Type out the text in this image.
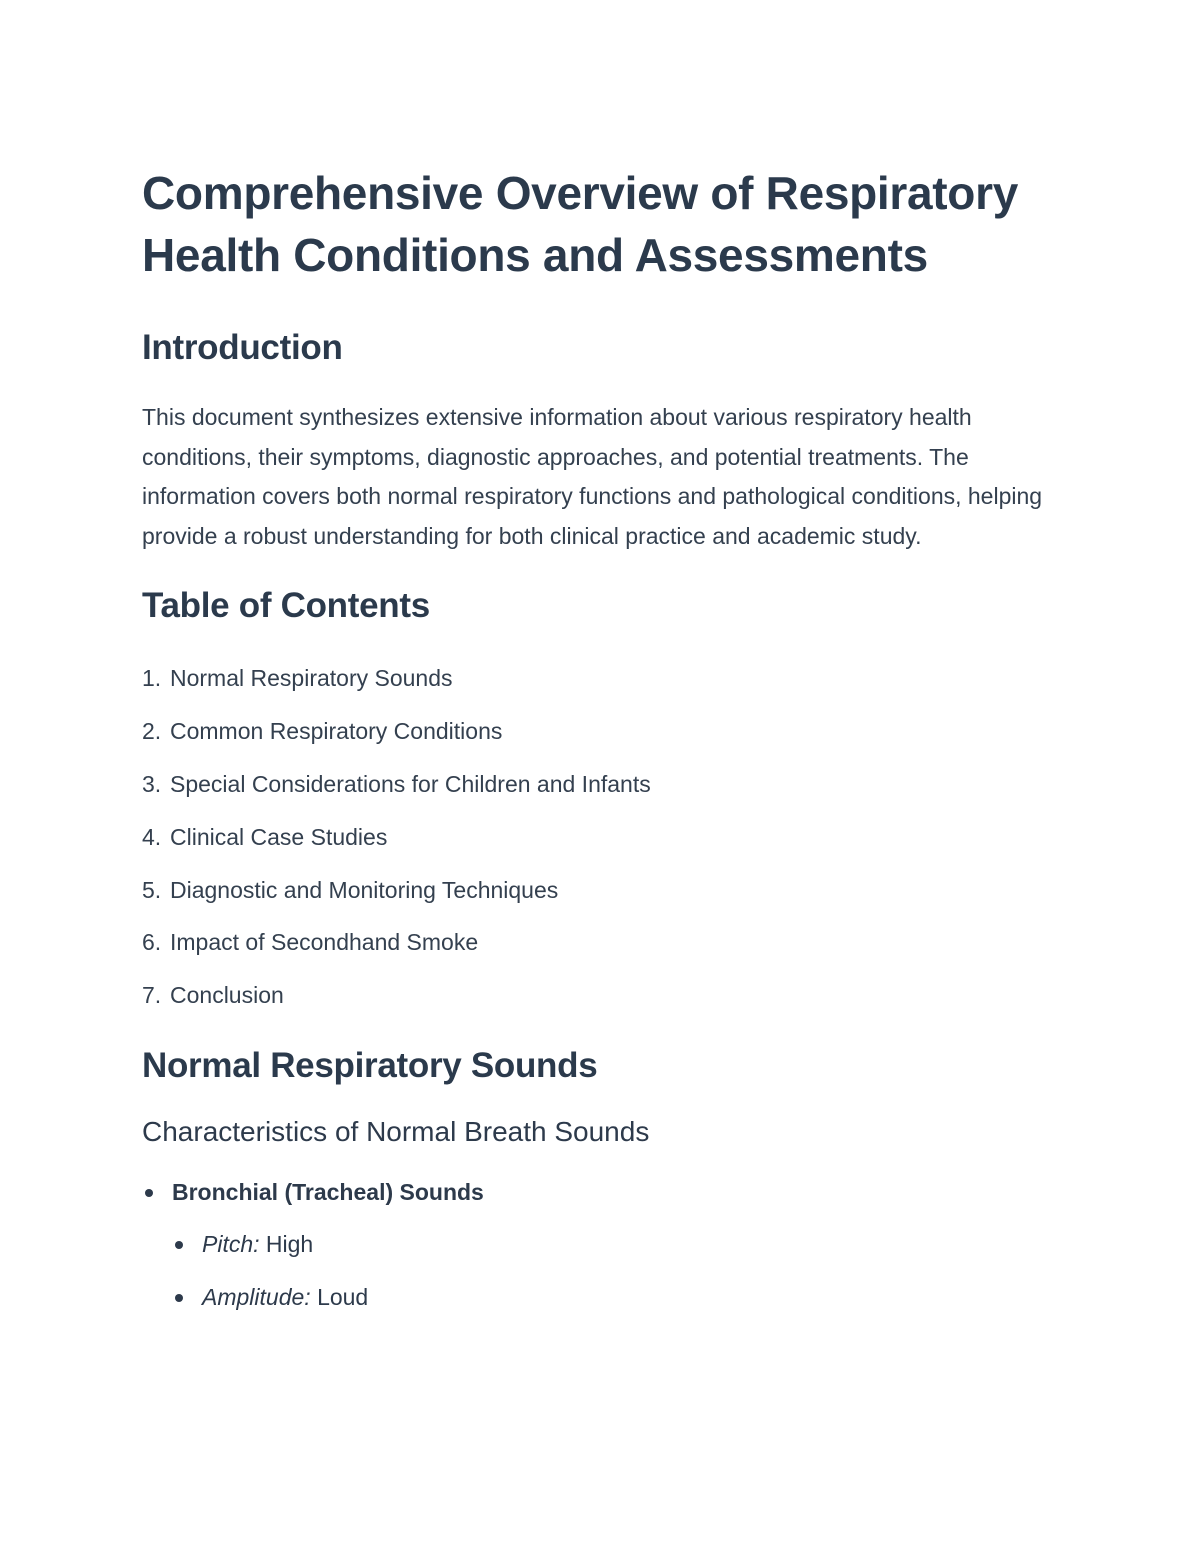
Comprehensive Overview of Respiratory Health Conditions and Assessments
Introduction

This document synthesizes extensive information about various respiratory health conditions, their symptoms, diagnostic approaches, and potential treatments. The information covers both normal respiratory functions and pathological conditions, helping provide a robust understanding for both clinical practice and academic study.

Table of Contents
1. Normal Respiratory Sounds
2. Common Respiratory Conditions
3. Special Considerations for Children and Infants
4. Clinical Case Studies
5. Diagnostic and Monitoring Techniques
6. Impact of Secondhand Smoke
7. Conclusion
Normal Respiratory Sounds
Characteristics of Normal Breath Sounds
Bronchial (Tracheal) Sounds
Pitch: High
Amplitude: Loud
